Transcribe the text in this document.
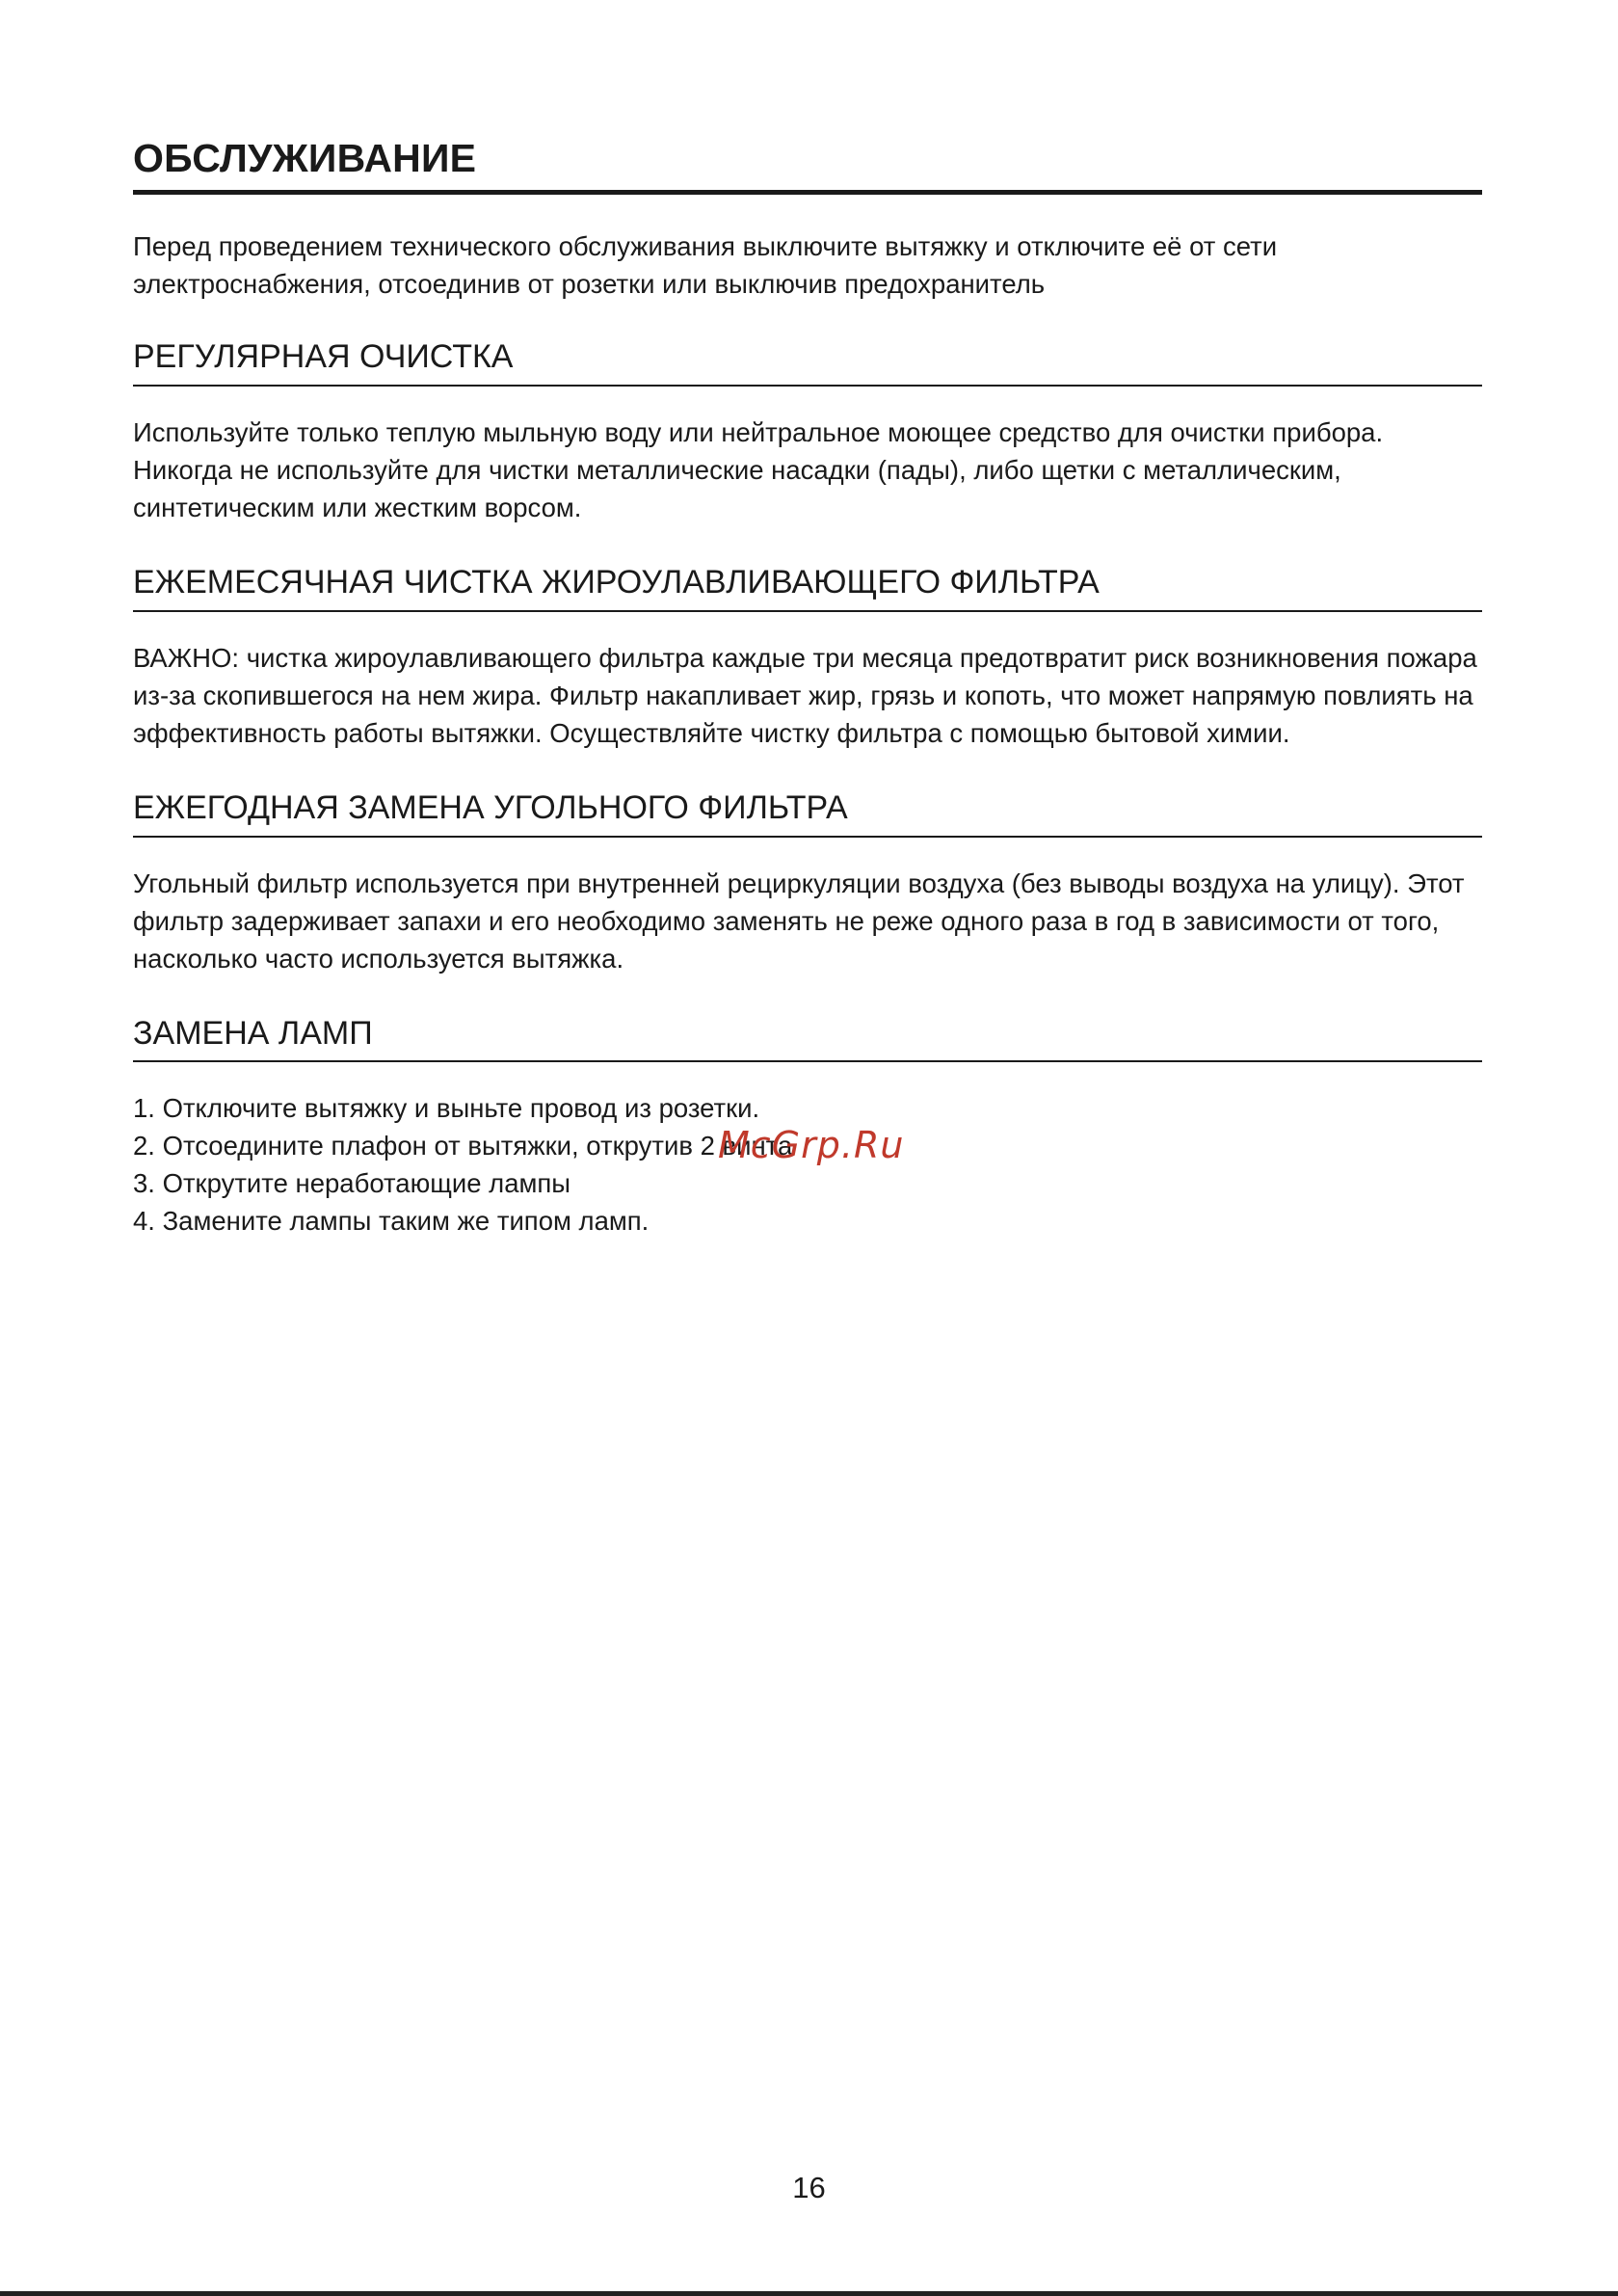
ОБСЛУЖИВАНИЕ

Перед проведением технического обслуживания выключите вытяжку и отключите её от сети электроснабжения, отсоединив от розетки или выключив предохранитель

РЕГУЛЯРНАЯ ОЧИСТКА

Используйте только теплую мыльную воду или нейтральное моющее средство для очистки прибора. Никогда не используйте для чистки металлические насадки (пады), либо щетки с металлическим, синтетическим или жестким ворсом.

ЕЖЕМЕСЯЧНАЯ ЧИСТКА ЖИРОУЛАВЛИВАЮЩЕГО ФИЛЬТРА

ВАЖНО: чистка жироулавливающего фильтра каждые три месяца предотвратит риск возникновения пожара из-за скопившегося на нем жира. Фильтр накапливает жир, грязь и копоть, что может напрямую повлиять на эффективность работы вытяжки. Осуществляйте чистку фильтра с помощью бытовой химии.

ЕЖЕГОДНАЯ ЗАМЕНА УГОЛЬНОГО ФИЛЬТРА

Угольный фильтр используется при внутренней рециркуляции воздуха (без выводы воздуха на улицу). Этот фильтр задерживает запахи и его необходимо заменять не реже одного раза в год в зависимости от того, насколько часто используется вытяжка.

ЗАМЕНА ЛАМП
1. Отключите вытяжку и выньте провод из розетки.
2. Отсоедините плафон от вытяжки, открутив 2 винта
3. Открутите неработающие лампы
4. Замените лампы таким же типом ламп.
McGrp.Ru
16
